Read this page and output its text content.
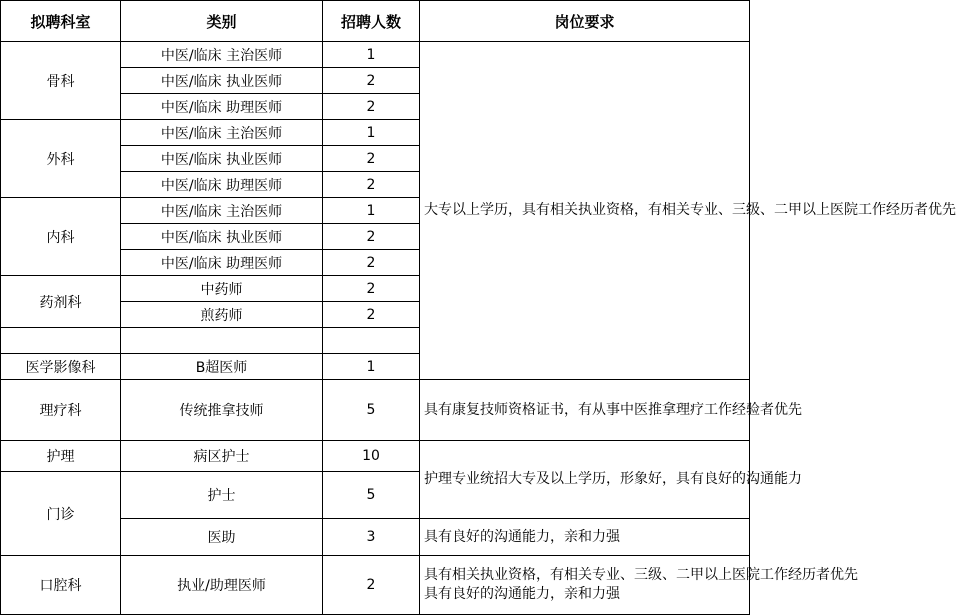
拟聘科室	类别	招聘人数	岗位要求
骨科	中医/临床 主治医师	1	大专以上学历，具有相关执业资格，有相关专业、三级、二甲以上医院工作经历者优先
	中医/临床 执业医师	2	
	中医/临床 助理医师	2	
外科	中医/临床 主治医师	1	
	中医/临床 执业医师	2	
	中医/临床 助理医师	2	
内科	中医/临床 主治医师	1	
	中医/临床 执业医师	2	
	中医/临床 助理医师	2	
药剂科	中药师	2	
	煎药师	2	

医学影像科	B超医师	1	
理疗科	传统推拿技师	5	具有康复技师资格证书，有从事中医推拿理疗工作经验者优先
护理	病区护士	10	护理专业统招大专及以上学历，形象好，具有良好的沟通能力
门诊	护士	5	
	医助	3	具有良好的沟通能力，亲和力强
口腔科	执业/助理医师	2	具有相关执业资格，有相关专业、三级、二甲以上医院工作经历者优先
具有良好的沟通能力，亲和力强
